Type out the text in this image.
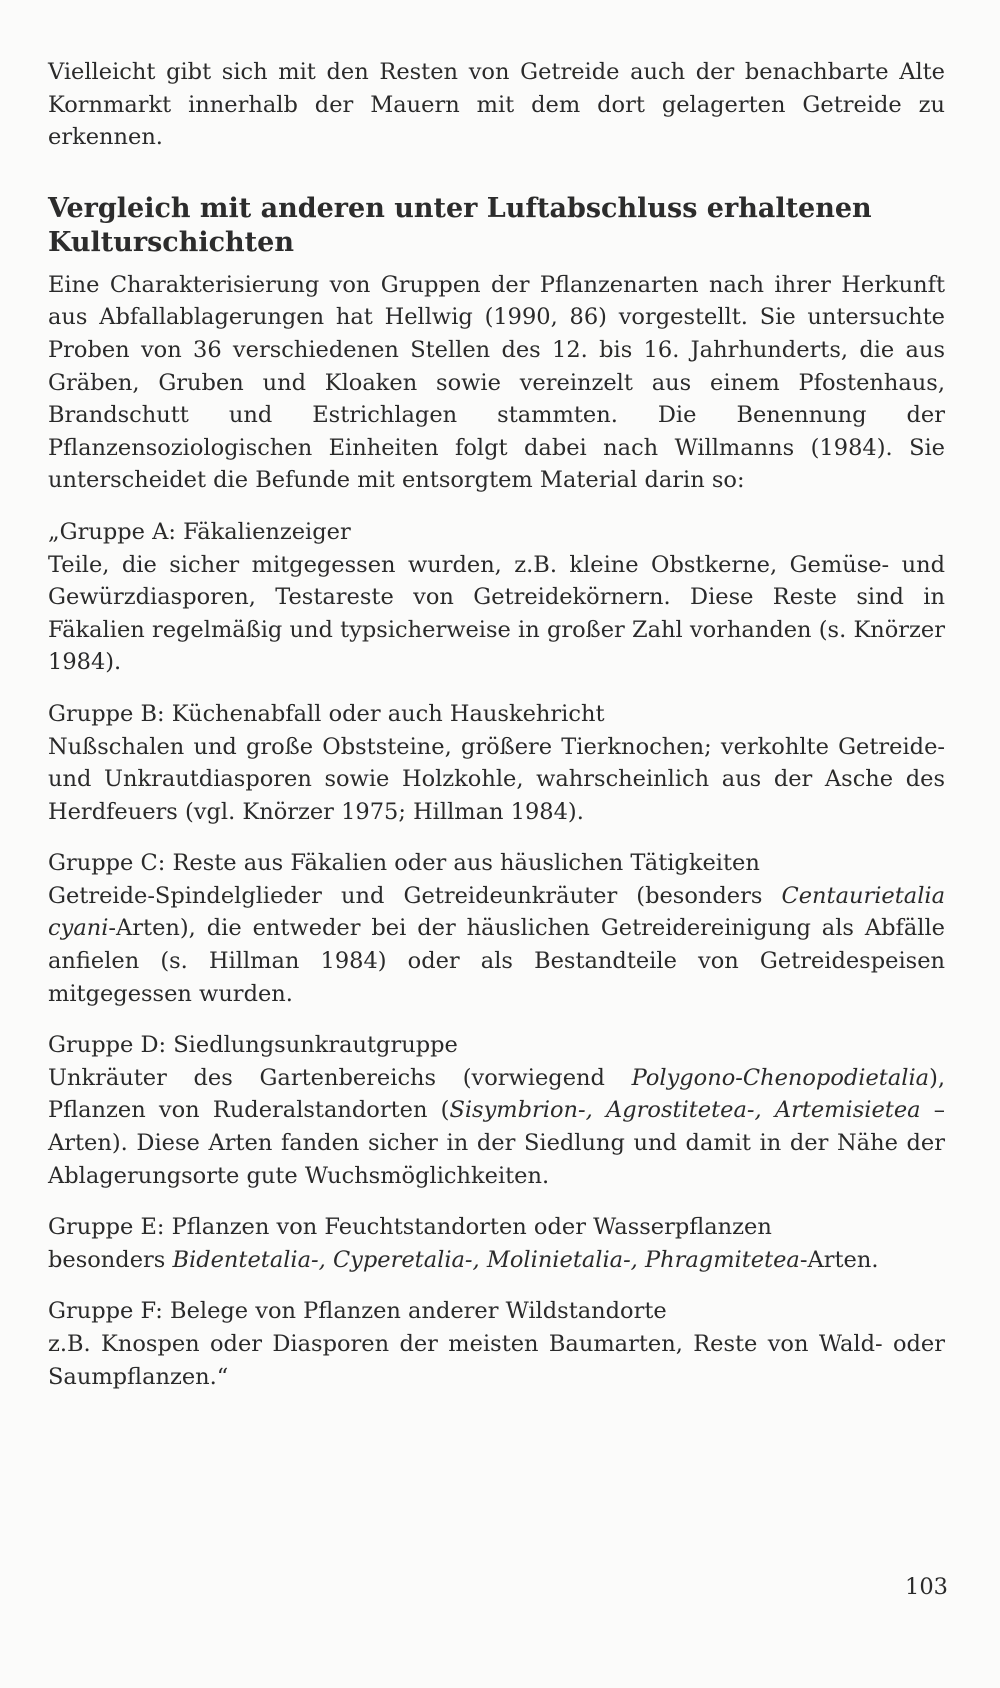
Vielleicht gibt sich mit den Resten von Getreide auch der benachbarte Alte Kornmarkt innerhalb der Mauern mit dem dort gelagerten Getreide zu erkennen.

Vergleich mit anderen unter Luftabschluss erhaltenen Kulturschichten

Eine Charakterisierung von Gruppen der Pflanzenarten nach ihrer Herkunft aus Abfallablagerungen hat Hellwig (1990, 86) vorgestellt. Sie untersuchte Proben von 36 verschiedenen Stellen des 12. bis 16. Jahrhunderts, die aus Gräben, Gruben und Kloaken sowie vereinzelt aus einem Pfostenhaus, Brandschutt und Estrichlagen stammten. Die Benennung der Pflanzensoziologischen Einheiten folgt dabei nach Willmanns (1984). Sie unterscheidet die Befunde mit entsorgtem Material darin so:

„Gruppe A: Fäkalienzeiger
Teile, die sicher mitgegessen wurden, z.B. kleine Obstkerne, Gemüse- und Gewürzdiasporen, Testareste von Getreidekörnern. Diese Reste sind in Fäkalien regelmäßig und typsicherweise in großer Zahl vorhanden (s. Knörzer 1984).

Gruppe B: Küchenabfall oder auch Hauskehricht
Nußschalen und große Obststeine, größere Tierknochen; verkohlte Getreide- und Unkrautdiasporen sowie Holzkohle, wahrscheinlich aus der Asche des Herdfeuers (vgl. Knörzer 1975; Hillman 1984).

Gruppe C: Reste aus Fäkalien oder aus häuslichen Tätigkeiten
Getreide-Spindelglieder und Getreideunkräuter (besonders Centaurietalia cyani-Arten), die entweder bei der häuslichen Getreidereinigung als Abfälle anfielen (s. Hillman 1984) oder als Bestandteile von Getreidespeisen mitgegessen wurden.

Gruppe D: Siedlungsunkrautgruppe
Unkräuter des Gartenbereichs (vorwiegend Polygono-Chenopodietalia), Pflanzen von Ruderalstandorten (Sisymbrion-, Agrostitetea-, Artemisietea – Arten). Diese Arten fanden sicher in der Siedlung und damit in der Nähe der Ablagerungsorte gute Wuchsmöglichkeiten.

Gruppe E: Pflanzen von Feuchtstandorten oder Wasserpflanzen
besonders Bidentetalia-, Cyperetalia-, Molinietalia-, Phragmitetea-Arten.

Gruppe F: Belege von Pflanzen anderer Wildstandorte
z.B. Knospen oder Diasporen der meisten Baumarten, Reste von Wald- oder Saumpflanzen.“

103
